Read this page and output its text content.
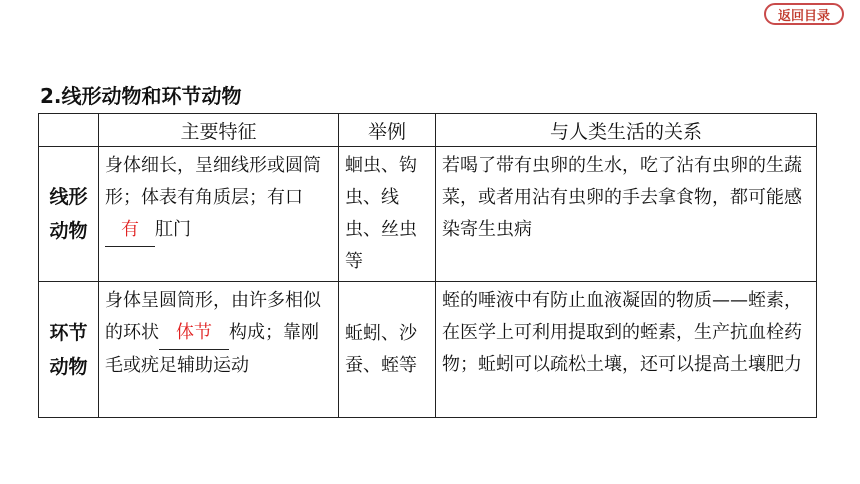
返回目录
2.线形动物和环节动物
	主要特征	举例	与人类生活的关系
线形
动物	身体细长，呈细线形或圆筒形；体表有角质层；有口有 肛门	蛔虫、钩虫、线虫、丝虫等	若喝了带有虫卵的生水，吃了沾有虫卵的生蔬菜，或者用沾有虫卵的手去拿食物，都可能感染寄生虫病
环节
动物	身体呈圆筒形，由许多相似的环状 体节 构成；靠刚毛或疣足辅助运动	蚯蚓、沙蚕、蛭等	蛭的唾液中有防止血液凝固的物质——蛭素，在医学上可利用提取到的蛭素，生产抗血栓药物；蚯蚓可以疏松土壤，还可以提高土壤肥力
